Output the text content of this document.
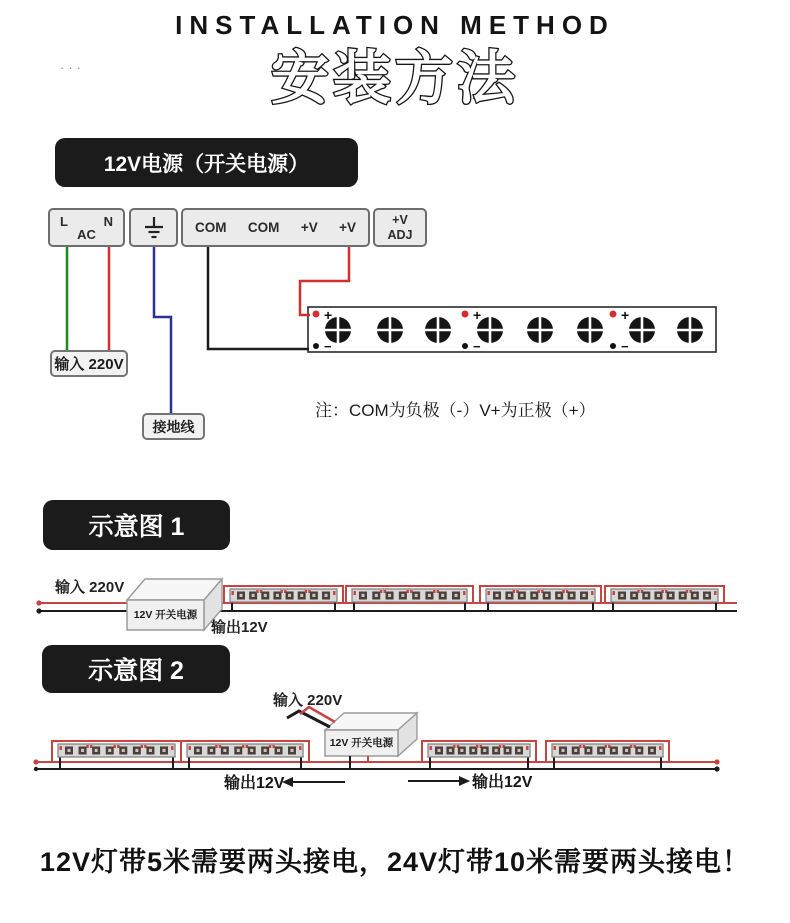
+
−
+
−
+
−
INSTALLATION METHOD
···	安装方法
12V电源（开关电源）
L	N
AC	COM COM +V +V
+V
ADJ
输入 220V
接地线
注：COM为负极（-）V+为正极（+）
示意图 1
输入 220V
12V 开关电源
输出12V
示意图 2
输入 220V
12V 开关电源
输出12V	输出12V
12V灯带5米需要两头接电，24V灯带10米需要两头接电！
